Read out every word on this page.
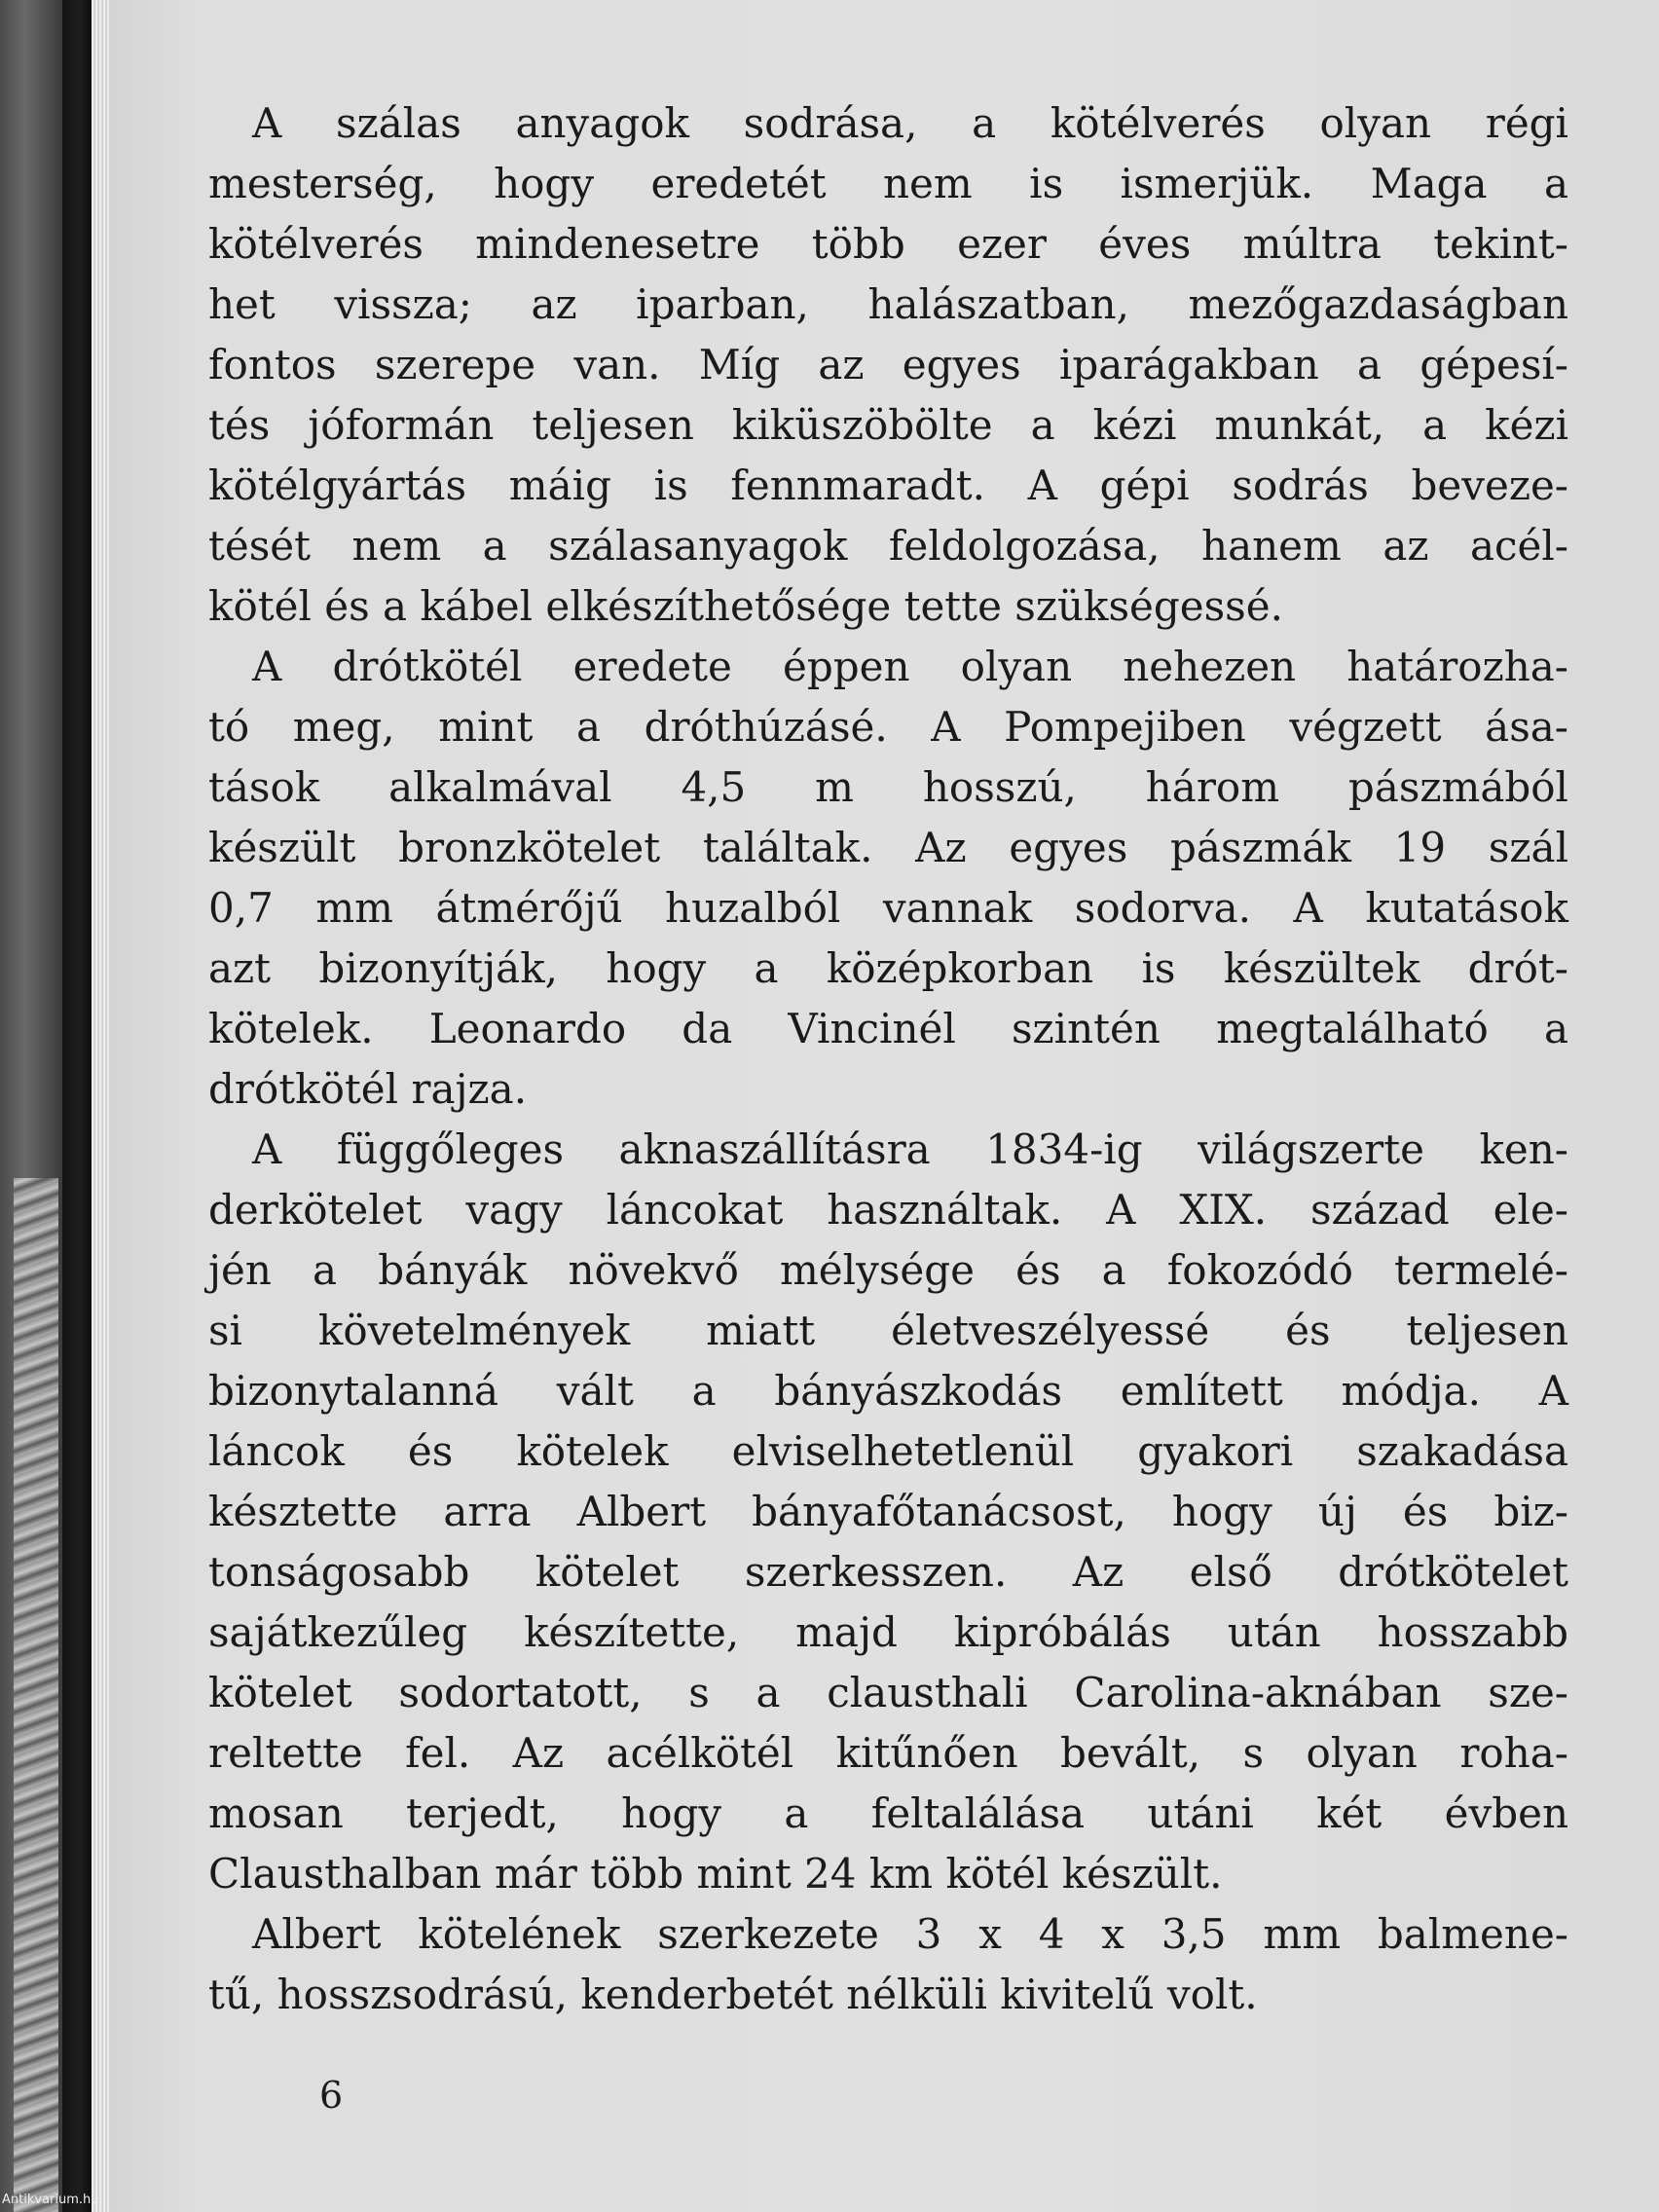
A szálas anyagok sodrása, a kötélverés olyan régi
mesterség, hogy eredetét nem is ismerjük. Maga a
kötélverés mindenesetre több ezer éves múltra tekint-
het vissza; az iparban, halászatban, mezőgazdaságban
fontos szerepe van. Míg az egyes iparágakban a gépesí-
tés jóformán teljesen kiküszöbölte a kézi munkát, a kézi
kötélgyártás máig is fennmaradt. A gépi sodrás beveze-
tését nem a szálasanyagok feldolgozása, hanem az acél-
kötél és a kábel elkészíthetősége tette szükségessé.
A drótkötél eredete éppen olyan nehezen határozha-
tó meg, mint a dróthúzásé. A Pompejiben végzett ása-
tások alkalmával 4,5 m hosszú, három pászmából
készült bronzkötelet találtak. Az egyes pászmák 19 szál
0,7 mm átmérőjű huzalból vannak sodorva. A kutatások
azt bizonyítják, hogy a középkorban is készültek drót-
kötelek. Leonardo da Vincinél szintén megtalálható a
drótkötél rajza.
A függőleges aknaszállításra 1834-ig világszerte ken-
derkötelet vagy láncokat használtak. A XIX. század ele-
jén a bányák növekvő mélysége és a fokozódó termelé-
si követelmények miatt életveszélyessé és teljesen
bizonytalanná vált a bányászkodás említett módja. A
láncok és kötelek elviselhetetlenül gyakori szakadása
késztette arra Albert bányafőtanácsost, hogy új és biz-
tonságosabb kötelet szerkesszen. Az első drótkötelet
sajátkezűleg készítette, majd kipróbálás után hosszabb
kötelet sodortatott, s a clausthali Carolina-aknában sze-
reltette fel. Az acélkötél kitűnően bevált, s olyan roha-
mosan terjedt, hogy a feltalálása utáni két évben
Clausthalban már több mint 24 km kötél készült.
Albert kötelének szerkezete 3 x 4 x 3,5 mm balmene-
tű, hosszsodrású, kenderbetét nélküli kivitelű volt.
6
Antikvarium.hu
